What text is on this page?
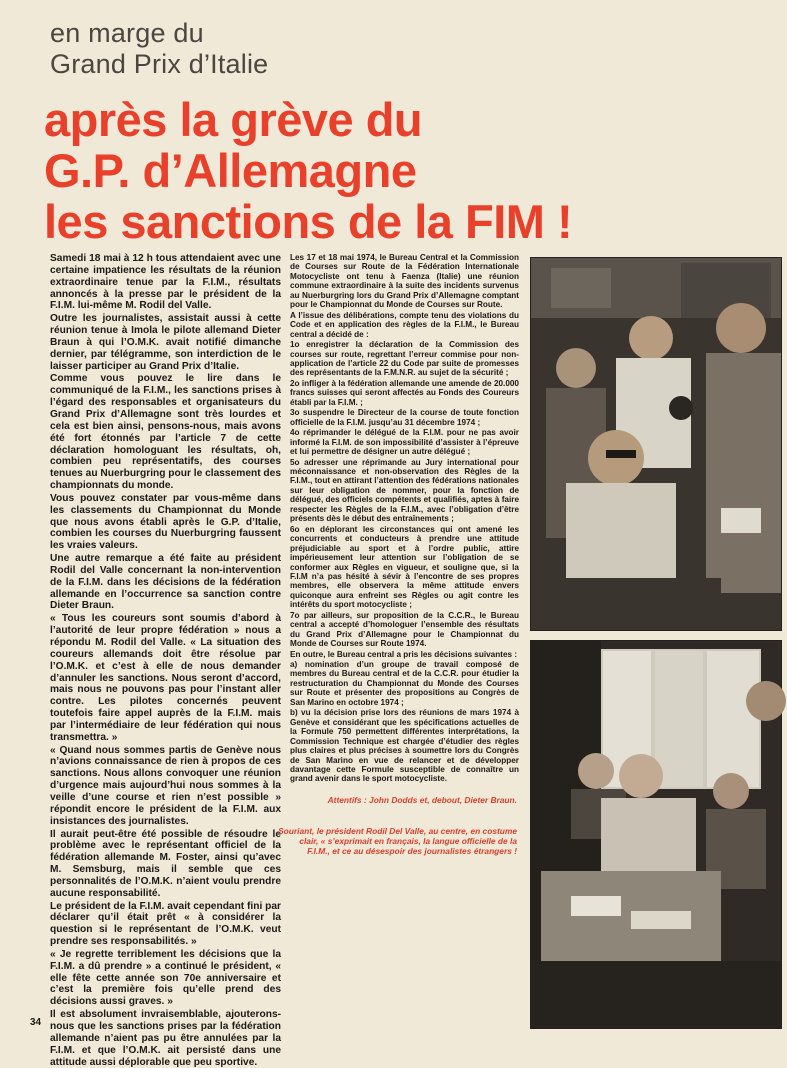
en marge du
Grand Prix d’Italie
après la grève du
G.P. d’Allemagne
les sanctions de la FIM !

Samedi 18 mai à 12 h tous attendaient avec une certaine impatience les résultats de la réunion extraordinaire tenue par la F.I.M., résultats annoncés à la presse par le président de la F.I.M. lui-même M. Rodil del Valle.

Outre les journalistes, assistait aussi à cette réunion tenue à Imola le pilote allemand Dieter Braun à qui l’O.M.K. avait notifié dimanche dernier, par télégramme, son interdiction de le laisser participer au Grand Prix d’Italie.

Comme vous pouvez le lire dans le communiqué de la F.I.M., les sanctions prises à l’égard des responsables et organisateurs du Grand Prix d’Allemagne sont très lourdes et cela est bien ainsi, pensons-nous, mais avons été fort étonnés par l’article 7 de cette déclaration homologuant les résultats, oh, combien peu représentatifs, des courses tenues au Nuerburgring pour le classement des championnats du monde.

Vous pouvez constater par vous-même dans les classements du Championnat du Monde que nous avons établi après le G.P. d’Italie, combien les courses du Nuerburgring faussent les vraies valeurs.

Une autre remarque a été faite au président Rodil del Valle concernant la non-intervention de la F.I.M. dans les décisions de la fédération allemande en l’occurrence sa sanction contre Dieter Braun.

« Tous les coureurs sont soumis d’abord à l’autorité de leur propre fédération » nous a répondu M. Rodil del Valle. « La situation des coureurs allemands doit être résolue par l’O.M.K. et c’est à elle de nous demander d’annuler les sanctions. Nous seront d’accord, mais nous ne pouvons pas pour l’instant aller contre. Les pilotes concernés peuvent toutefois faire appel auprès de la F.I.M. mais par l’intermédiaire de leur fédération qui nous transmettra. »

« Quand nous sommes partis de Genève nous n’avions connaissance de rien à propos de ces sanctions. Nous allons convoquer une réunion d’urgence mais aujourd’hui nous sommes à la veille d’une course et rien n’est possible » répondit encore le président de la F.I.M. aux insistances des journalistes.

Il aurait peut-être été possible de résoudre le problème avec le représentant officiel de la fédération allemande M. Foster, ainsi qu’avec M. Semsburg, mais il semble que ces personnalités de l’O.M.K. n’aient voulu prendre aucune responsabilité.

Le président de la F.I.M. avait cependant fini par déclarer qu’il était prêt « à considérer la question si le représentant de l’O.M.K. veut prendre ses responsabilités. »

« Je regrette terriblement les décisions que la F.I.M. a dû prendre » a continué le président, « elle fête cette année son 70e anniversaire et c’est la première fois qu’elle prend des décisions aussi graves. »

Il est absolument invraisemblable, ajouterons-nous que les sanctions prises par la fédération allemande n’aient pas pu être annulées par la F.I.M. et que l’O.M.K. ait persisté dans une attitude aussi déplorable que peu sportive.

Les 17 et 18 mai 1974, le Bureau Central et la Commission de Courses sur Route de la Fédération Internationale Motocycliste ont tenu à Faenza (Italie) une réunion commune extraordinaire à la suite des incidents survenus au Nuerburgring lors du Grand Prix d’Allemagne comptant pour le Championnat du Monde de Courses sur Route.

A l’issue des délibérations, compte tenu des violations du Code et en application des règles de la F.I.M., le Bureau central a décidé de :

1o enregistrer la déclaration de la Commission des courses sur route, regrettant l’erreur commise pour non-application de l’article 22 du Code par suite de promesses des représentants de la F.M.N.R. au sujet de la sécurité ;

2o infliger à la fédération allemande une amende de 20.000 francs suisses qui seront affectés au Fonds des Coureurs établi par la F.I.M. ;

3o suspendre le Directeur de la course de toute fonction officielle de la F.I.M. jusqu’au 31 décembre 1974 ;

4o réprimander le délégué de la F.I.M. pour ne pas avoir informé la F.I.M. de son impossibilité d’assister à l’épreuve et lui permettre de désigner un autre délégué ;

5o adresser une réprimande au Jury international pour méconnaissance et non-observation des Règles de la F.I.M., tout en attirant l’attention des fédérations nationales sur leur obligation de nommer, pour la fonction de délégué, des officiels compétents et qualifiés, aptes à faire respecter les Règles de la F.I.M., avec l’obligation d’être présents dès le début des entraînements ;

6o en déplorant les circonstances qui ont amené les concurrents et conducteurs à prendre une attitude préjudiciable au sport et à l’ordre public, attire impérieusement leur attention sur l’obligation de se conformer aux Règles en vigueur, et souligne que, si la F.I.M n’a pas hésité à sévir à l’encontre de ses propres membres, elle observera la même attitude envers quiconque aura enfreint ses Règles ou agit contre les intérêts du sport motocycliste ;

7o par ailleurs, sur proposition de la C.C.R., le Bureau central a accepté d’homologuer l’ensemble des résultats du Grand Prix d’Allemagne pour le Championnat du Monde de Courses sur Route 1974.

En outre, le Bureau central a pris les décisions suivantes :

a) nomination d’un groupe de travail composé de membres du Bureau central et de la C.C.R. pour étudier la restructuration du Championnat du Monde des Courses sur Route et présenter des propositions au Congrès de San Marino en octobre 1974 ;

b) vu la décision prise lors des réunions de mars 1974 à Genève et considérant que les spécifications actuelles de la Formule 750 permettent différentes interprétations, la Commission Technique est chargée d’étudier des règles plus claires et plus précises à soumettre lors du Congrès de San Marino en vue de relancer et de développer davantage cette Formule susceptible de connaître un grand avenir dans le sport motocycliste.

Attentifs : John Dodds et, debout, Dieter Braun.
Souriant, le président Rodil Del Valle, au centre, en costume clair, « s’exprimait en français, la langue officielle de la F.I.M., et ce au désespoir des journalistes étrangers !
34
